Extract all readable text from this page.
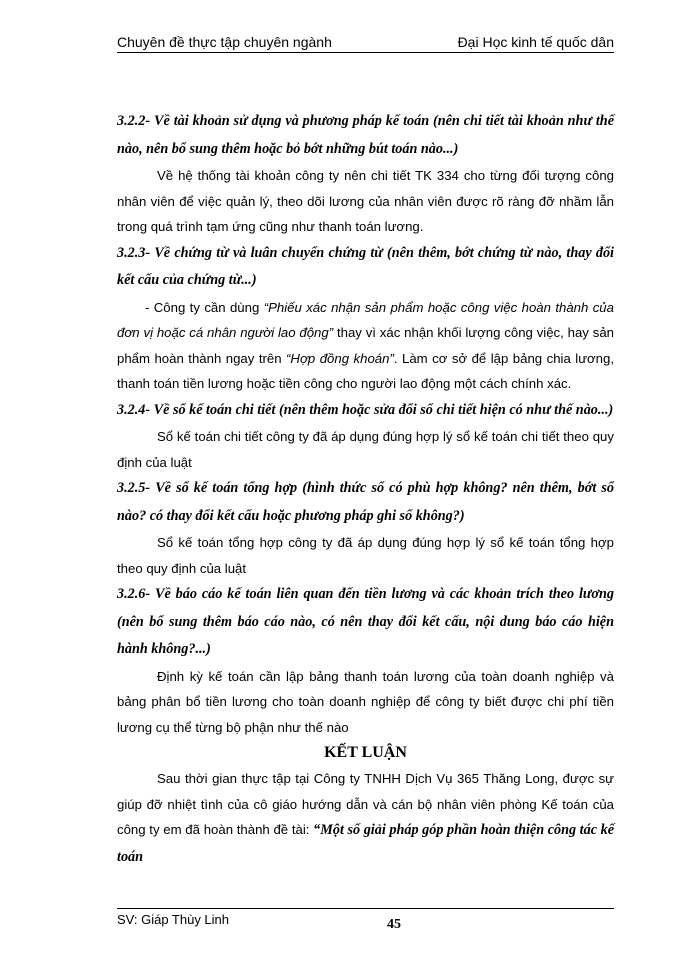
Chuyên đề thực tập chuyên ngành	Đại Học kinh tế quốc dân

3.2.2- Về tài khoản sử dụng và phương pháp kế toán (nên chi tiết tài khoản như thế nào, nên bổ sung thêm hoặc bỏ bớt những bút toán nào...)

Về hệ thống tài khoản công ty nên chi tiết TK 334 cho từng đối tượng công nhân viên để việc quản lý, theo dõi lương của nhân viên được rõ ràng đỡ nhầm lẫn trong quá trình tạm ứng cũng như thanh toán lương.

3.2.3- Về chứng từ và luân chuyển chứng từ (nên thêm, bớt chứng từ nào, thay đổi kết cấu của chứng từ...)

- Công ty cần dùng “Phiếu xác nhận sản phẩm hoặc công việc hoàn thành của đơn vị hoặc cá nhân người lao động” thay vì xác nhận khối lượng công việc, hay sản phẩm hoàn thành ngay trên “Hợp đồng khoán”. Làm cơ sở để lập bảng chia lương, thanh toán tiền lương hoặc tiền công cho người lao động một cách chính xác.

3.2.4- Về sổ kế toán chi tiết (nên thêm hoặc sửa đổi sổ chi tiết hiện có như thế nào...)

Sổ kế toán chi tiết công ty đã áp dụng đúng hợp lý sổ kế toán chi tiết theo quy định của luật

3.2.5- Về sổ kế toán tổng hợp (hình thức sổ có phù hợp không? nên thêm, bớt sổ nào? có thay đổi kết cấu hoặc phương pháp ghi sổ không?)

Sổ kế toán tổng hợp công ty đã áp dụng đúng hợp lý sổ kế toán tổng hợp theo quy định của luật

3.2.6- Về báo cáo kế toán liên quan đến tiền lương và các khoản trích theo lương (nên bổ sung thêm báo cáo nào, có nên thay đổi kết cấu, nội dung báo cáo hiện hành không?...)

Định kỳ kế toán cần lập bảng thanh toán lương của toàn doanh nghiệp và bảng phân bổ tiền lương cho toàn doanh nghiệp để công ty biết được chi phí tiền lương cụ thể từng bộ phận như thế nào

KẾT LUẬN

Sau thời gian thực tập tại Công ty TNHH Dịch Vụ 365 Thăng Long, được sự giúp đỡ nhiệt tình của cô giáo hướng dẫn và cán bộ nhân viên phòng Kế toán của công ty em đã hoàn thành đề tài: “Một số giải pháp góp phần hoàn thiện công tác kế toán

SV: Giáp Thùy Linh	45
